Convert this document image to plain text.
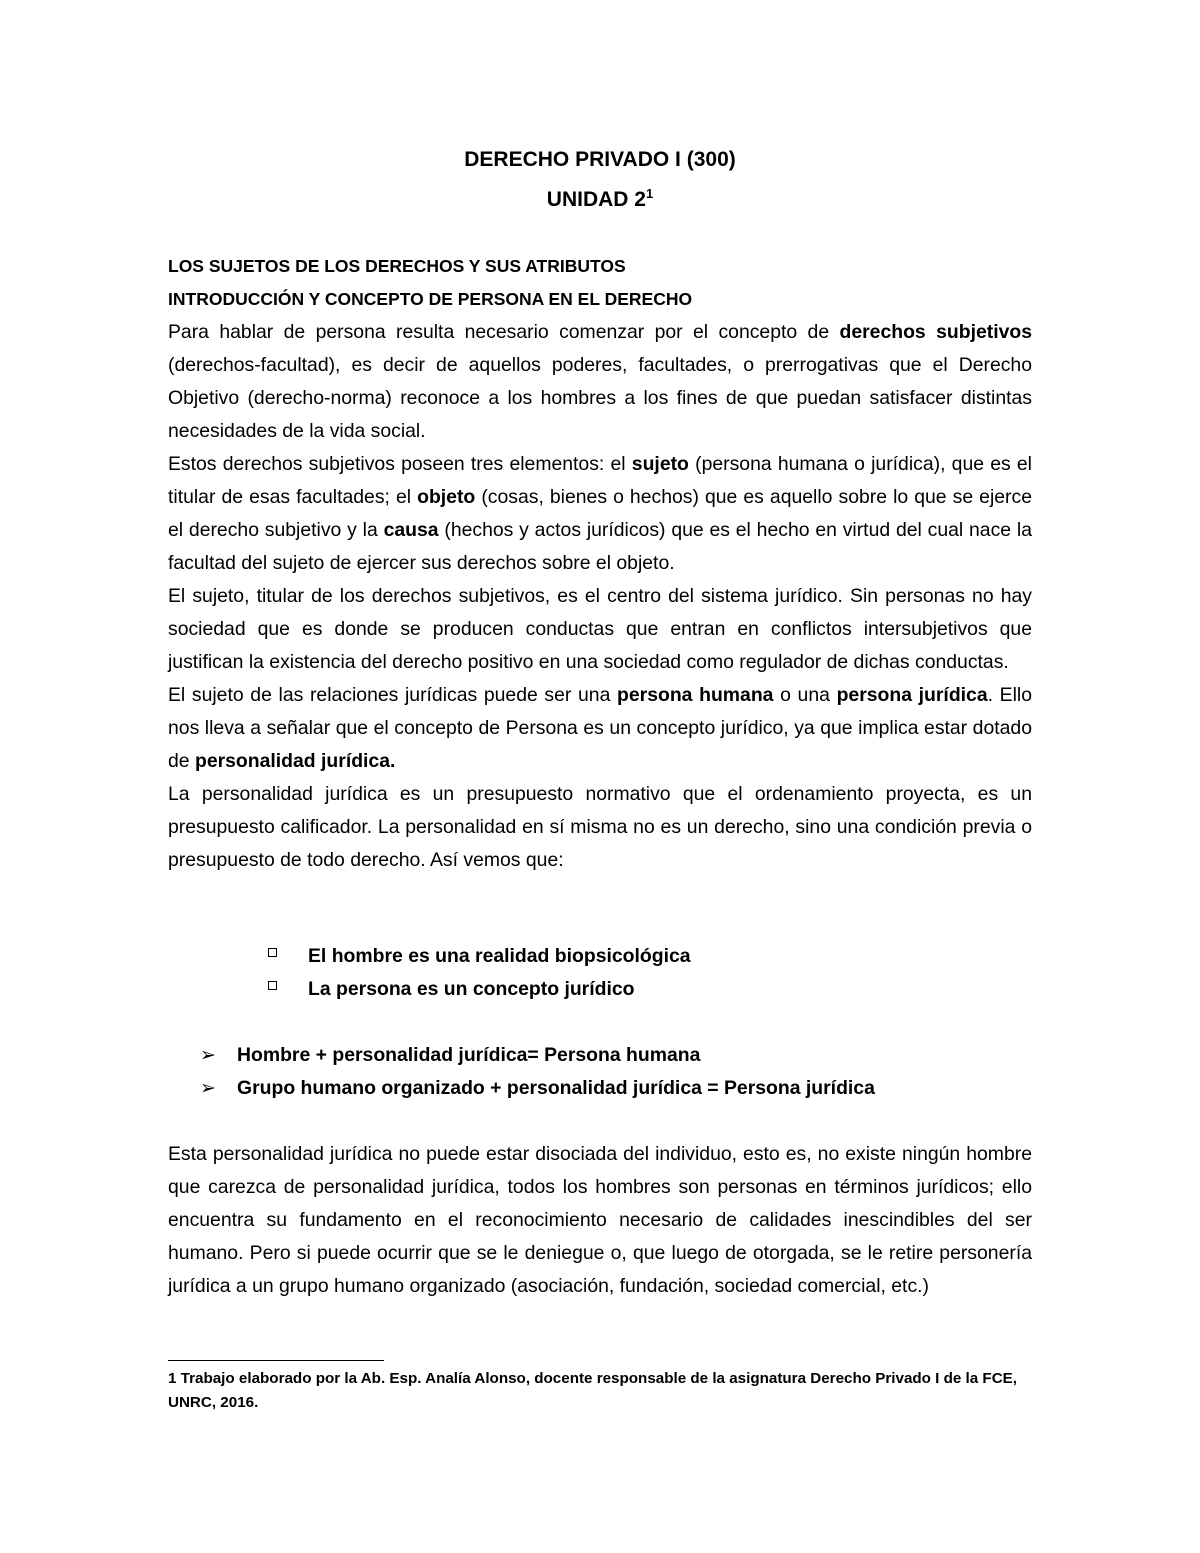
DERECHO PRIVADO I (300)
UNIDAD $2^1$
LOS SUJETOS DE LOS DERECHOS Y SUS ATRIBUTOS
INTRODUCCIÓN Y CONCEPTO DE PERSONA EN EL DERECHO

Para hablar de persona resulta necesario comenzar por el concepto de derechos subjetivos (derechos-facultad), es decir de aquellos poderes, facultades, o prerrogativas que el Derecho Objetivo (derecho-norma) reconoce a los hombres a los fines de que puedan satisfacer distintas necesidades de la vida social.

Estos derechos subjetivos poseen tres elementos: el sujeto (persona humana o jurídica), que es el titular de esas facultades; el objeto (cosas, bienes o hechos) que es aquello sobre lo que se ejerce el derecho subjetivo y la causa (hechos y actos jurídicos) que es el hecho en virtud del cual nace la facultad del sujeto de ejercer sus derechos sobre el objeto.

El sujeto, titular de los derechos subjetivos, es el centro del sistema jurídico. Sin personas no hay sociedad que es donde se producen conductas que entran en conflictos intersubjetivos que justifican la existencia del derecho positivo en una sociedad como regulador de dichas conductas.

El sujeto de las relaciones jurídicas puede ser una persona humana o una persona jurídica. Ello nos lleva a señalar que el concepto de Persona es un concepto jurídico, ya que implica estar dotado de personalidad jurídica.

La personalidad jurídica es un presupuesto normativo que el ordenamiento proyecta, es un presupuesto calificador. La personalidad en sí misma no es un derecho, sino una condición previa o presupuesto de todo derecho. Así vemos que:

El hombre es una realidad biopsicológica
La persona es un concepto jurídico
➢ Hombre + personalidad jurídica= Persona humana
➢ Grupo humano organizado + personalidad jurídica = Persona jurídica

Esta personalidad jurídica no puede estar disociada del individuo, esto es, no existe ningún hombre que carezca de personalidad jurídica, todos los hombres son personas en términos jurídicos; ello encuentra su fundamento en el reconocimiento necesario de calidades inescindibles del ser humano. Pero si puede ocurrir que se le deniegue o, que luego de otorgada, se le retire personería jurídica a un grupo humano organizado (asociación, fundación, sociedad comercial, etc.)

1 Trabajo elaborado por la Ab. Esp. Analía Alonso, docente responsable de la asignatura Derecho Privado I de la FCE, UNRC, 2016.
